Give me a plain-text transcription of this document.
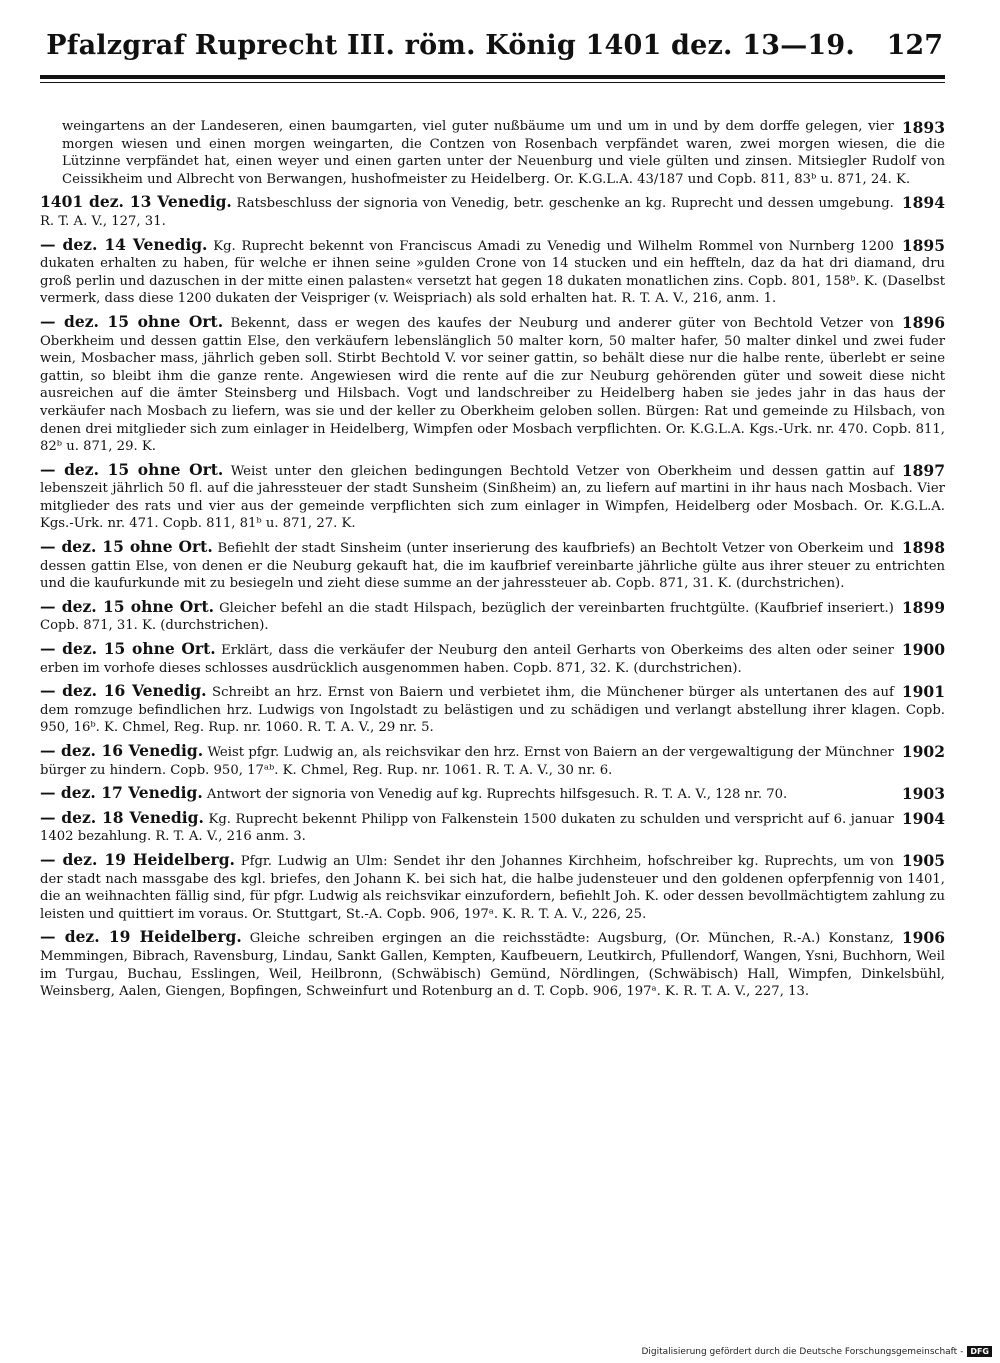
Pfalzgraf Ruprecht III. röm. König 1401 dez. 13—19. 127

1893
weingartens an der Landeseren, einen baumgarten, viel guter nußbäume um und um in und by dem dorffe gelegen, vier morgen wiesen und einen morgen weingarten, die Contzen von Rosenbach verpfändet waren, zwei morgen wiesen, die die Lützinne verpfändet hat, einen weyer und einen garten unter der Neuenburg und viele gülten und zinsen. Mitsiegler Rudolf von Ceissikheim und Albrecht von Berwangen, hushofmeister zu Heidelberg. Or. K.G.L.A. 43/187 und Copb. 811, 83ᵇ u. 871, 24. K.

1894
1401 dez. 13 Venedig. Ratsbeschluss der signoria von Venedig, betr. geschenke an kg. Ruprecht und dessen umgebung. R. T. A. V., 127, 31.

1895
— dez. 14 Venedig. Kg. Ruprecht bekennt von Franciscus Amadi zu Venedig und Wilhelm Rommel von Nurnberg 1200 dukaten erhalten zu haben, für welche er ihnen seine »gulden Crone von 14 stucken und ein heffteln, daz da hat dri diamand, dru groß perlin und dazuschen in der mitte einen palasten« versetzt hat gegen 18 dukaten monatlichen zins. Copb. 801, 158ᵇ. K. (Daselbst vermerk, dass diese 1200 dukaten der Veispriger (v. Weispriach) als sold erhalten hat. R. T. A. V., 216, anm. 1.

1896
— dez. 15 ohne Ort. Bekennt, dass er wegen des kaufes der Neuburg und anderer güter von Bechtold Vetzer von Oberkheim und dessen gattin Else, den verkäufern lebenslänglich 50 malter korn, 50 malter hafer, 50 malter dinkel und zwei fuder wein, Mosbacher mass, jährlich geben soll. Stirbt Bechtold V. vor seiner gattin, so behält diese nur die halbe rente, überlebt er seine gattin, so bleibt ihm die ganze rente. Angewiesen wird die rente auf die zur Neuburg gehörenden güter und soweit diese nicht ausreichen auf die ämter Steinsberg und Hilsbach. Vogt und landschreiber zu Heidelberg haben sie jedes jahr in das haus der verkäufer nach Mosbach zu liefern, was sie und der keller zu Oberkheim geloben sollen. Bürgen: Rat und gemeinde zu Hilsbach, von denen drei mitglieder sich zum einlager in Heidelberg, Wimpfen oder Mosbach verpflichten. Or. K.G.L.A. Kgs.-Urk. nr. 470. Copb. 811, 82ᵇ u. 871, 29. K.

1897
— dez. 15 ohne Ort. Weist unter den gleichen bedingungen Bechtold Vetzer von Oberkheim und dessen gattin auf lebenszeit jährlich 50 fl. auf die jahressteuer der stadt Sunsheim (Sinßheim) an, zu liefern auf martini in ihr haus nach Mosbach. Vier mitglieder des rats und vier aus der gemeinde verpflichten sich zum einlager in Wimpfen, Heidelberg oder Mosbach. Or. K.G.L.A. Kgs.-Urk. nr. 471. Copb. 811, 81ᵇ u. 871, 27. K.

1898
— dez. 15 ohne Ort. Befiehlt der stadt Sinsheim (unter inserierung des kaufbriefs) an Bechtolt Vetzer von Oberkeim und dessen gattin Else, von denen er die Neuburg gekauft hat, die im kaufbrief vereinbarte jährliche gülte aus ihrer steuer zu entrichten und die kaufurkunde mit zu besiegeln und zieht diese summe an der jahressteuer ab. Copb. 871, 31. K. (durchstrichen).

1899
— dez. 15 ohne Ort. Gleicher befehl an die stadt Hilspach, bezüglich der vereinbarten fruchtgülte. (Kaufbrief inseriert.) Copb. 871, 31. K. (durchstrichen).

1900
— dez. 15 ohne Ort. Erklärt, dass die verkäufer der Neuburg den anteil Gerharts von Oberkeims des alten oder seiner erben im vorhofe dieses schlosses ausdrücklich ausgenommen haben. Copb. 871, 32. K. (durchstrichen).

1901
— dez. 16 Venedig. Schreibt an hrz. Ernst von Baiern und verbietet ihm, die Münchener bürger als untertanen des auf dem romzuge befindlichen hrz. Ludwigs von Ingolstadt zu belästigen und zu schädigen und verlangt abstellung ihrer klagen. Copb. 950, 16ᵇ. K. Chmel, Reg. Rup. nr. 1060. R. T. A. V., 29 nr. 5.

1902
— dez. 16 Venedig. Weist pfgr. Ludwig an, als reichsvikar den hrz. Ernst von Baiern an der vergewaltigung der Münchner bürger zu hindern. Copb. 950, 17ᵃᵇ. K. Chmel, Reg. Rup. nr. 1061. R. T. A. V., 30 nr. 6.

1903
— dez. 17 Venedig. Antwort der signoria von Venedig auf kg. Ruprechts hilfsgesuch. R. T. A. V., 128 nr. 70.

1904
— dez. 18 Venedig. Kg. Ruprecht bekennt Philipp von Falkenstein 1500 dukaten zu schulden und verspricht auf 6. januar 1402 bezahlung. R. T. A. V., 216 anm. 3.

1905
— dez. 19 Heidelberg. Pfgr. Ludwig an Ulm: Sendet ihr den Johannes Kirchheim, hofschreiber kg. Ruprechts, um von der stadt nach massgabe des kgl. briefes, den Johann K. bei sich hat, die halbe judensteuer und den goldenen opferpfennig von 1401, die an weihnachten fällig sind, für pfgr. Ludwig als reichsvikar einzufordern, befiehlt Joh. K. oder dessen bevollmächtigtem zahlung zu leisten und quittiert im voraus. Or. Stuttgart, St.-A. Copb. 906, 197ᵃ. K. R. T. A. V., 226, 25.

1906
— dez. 19 Heidelberg. Gleiche schreiben ergingen an die reichsstädte: Augsburg, (Or. München, R.-A.) Konstanz, Memmingen, Bibrach, Ravensburg, Lindau, Sankt Gallen, Kempten, Kaufbeuern, Leutkirch, Pfullendorf, Wangen, Ysni, Buchhorn, Weil im Turgau, Buchau, Esslingen, Weil, Heilbronn, (Schwäbisch) Gemünd, Nördlingen, (Schwäbisch) Hall, Wimpfen, Dinkelsbühl, Weinsberg, Aalen, Giengen, Bopfingen, Schweinfurt und Rotenburg an d. T. Copb. 906, 197ᵃ. K. R. T. A. V., 227, 13.

Digitalisierung gefördert durch die Deutsche Forschungsgemeinschaft - DFG
